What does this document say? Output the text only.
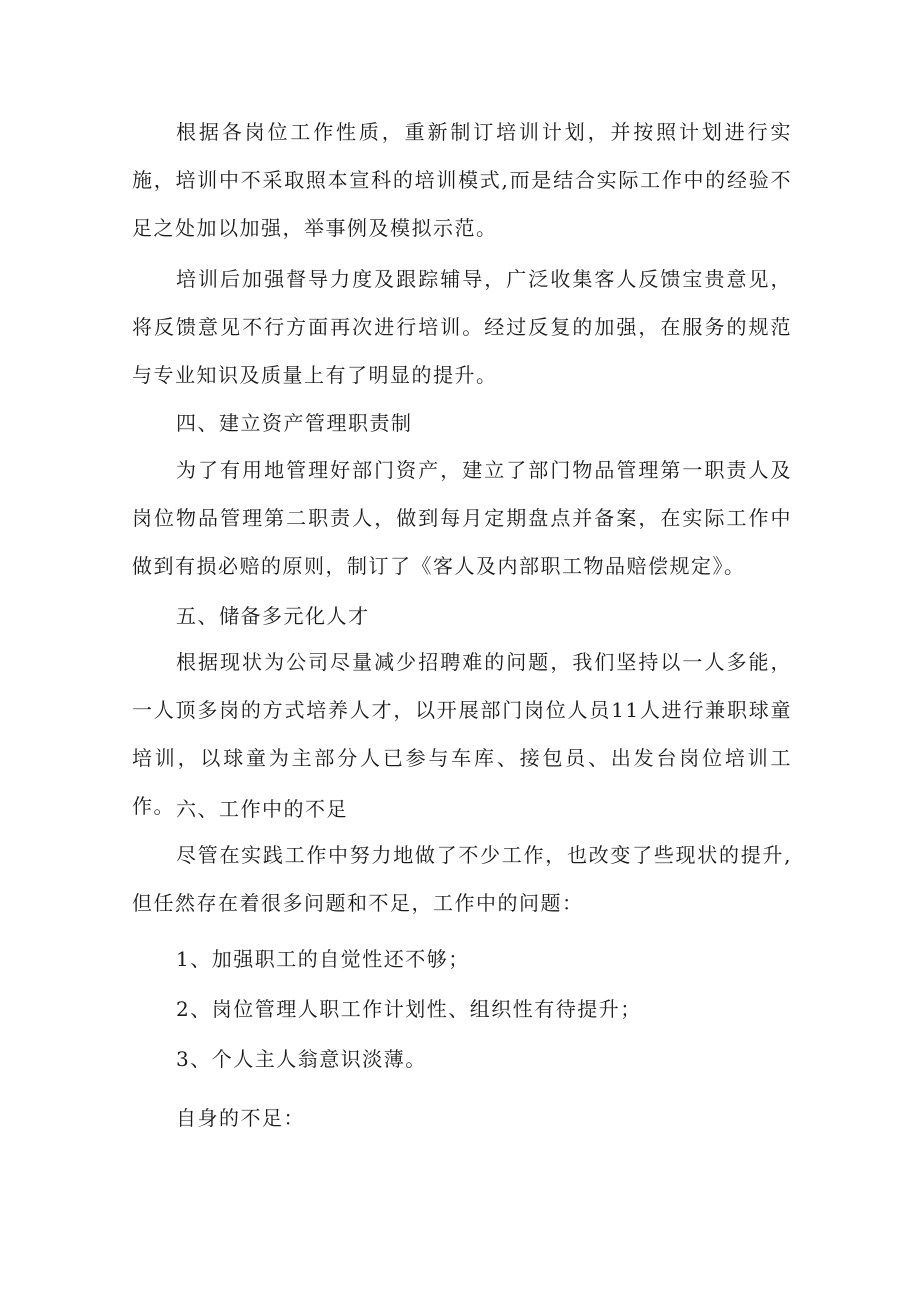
根据各岗位工作性质，重新制订培训计划，并按照计划进行实施，培训中不采取照本宣科的培训模式,而是结合实际工作中的经验不足之处加以加强，举事例及模拟示范。

培训后加强督导力度及跟踪辅导，广泛收集客人反馈宝贵意见，将反馈意见不行方面再次进行培训。经过反复的加强，在服务的规范与专业知识及质量上有了明显的提升。

四、建立资产管理职责制

为了有用地管理好部门资产，建立了部门物品管理第一职责人及岗位物品管理第二职责人，做到每月定期盘点并备案，在实际工作中做到有损必赔的原则，制订了《客人及内部职工物品赔偿规定》。

五、储备多元化人才

根据现状为公司尽量减少招聘难的问题，我们坚持以一人多能，一人顶多岗的方式培养人才，以开展部门岗位人员11人进行兼职球童培训，以球童为主部分人已参与车库、接包员、出发台岗位培训工作。 六、工作中的不足

尽管在实践工作中努力地做了不少工作，也改变了些现状的提升,但任然存在着很多问题和不足，工作中的问题：

1、加强职工的自觉性还不够；

2、岗位管理人职工作计划性、组织性有待提升；

3、个人主人翁意识淡薄。

自身的不足：
